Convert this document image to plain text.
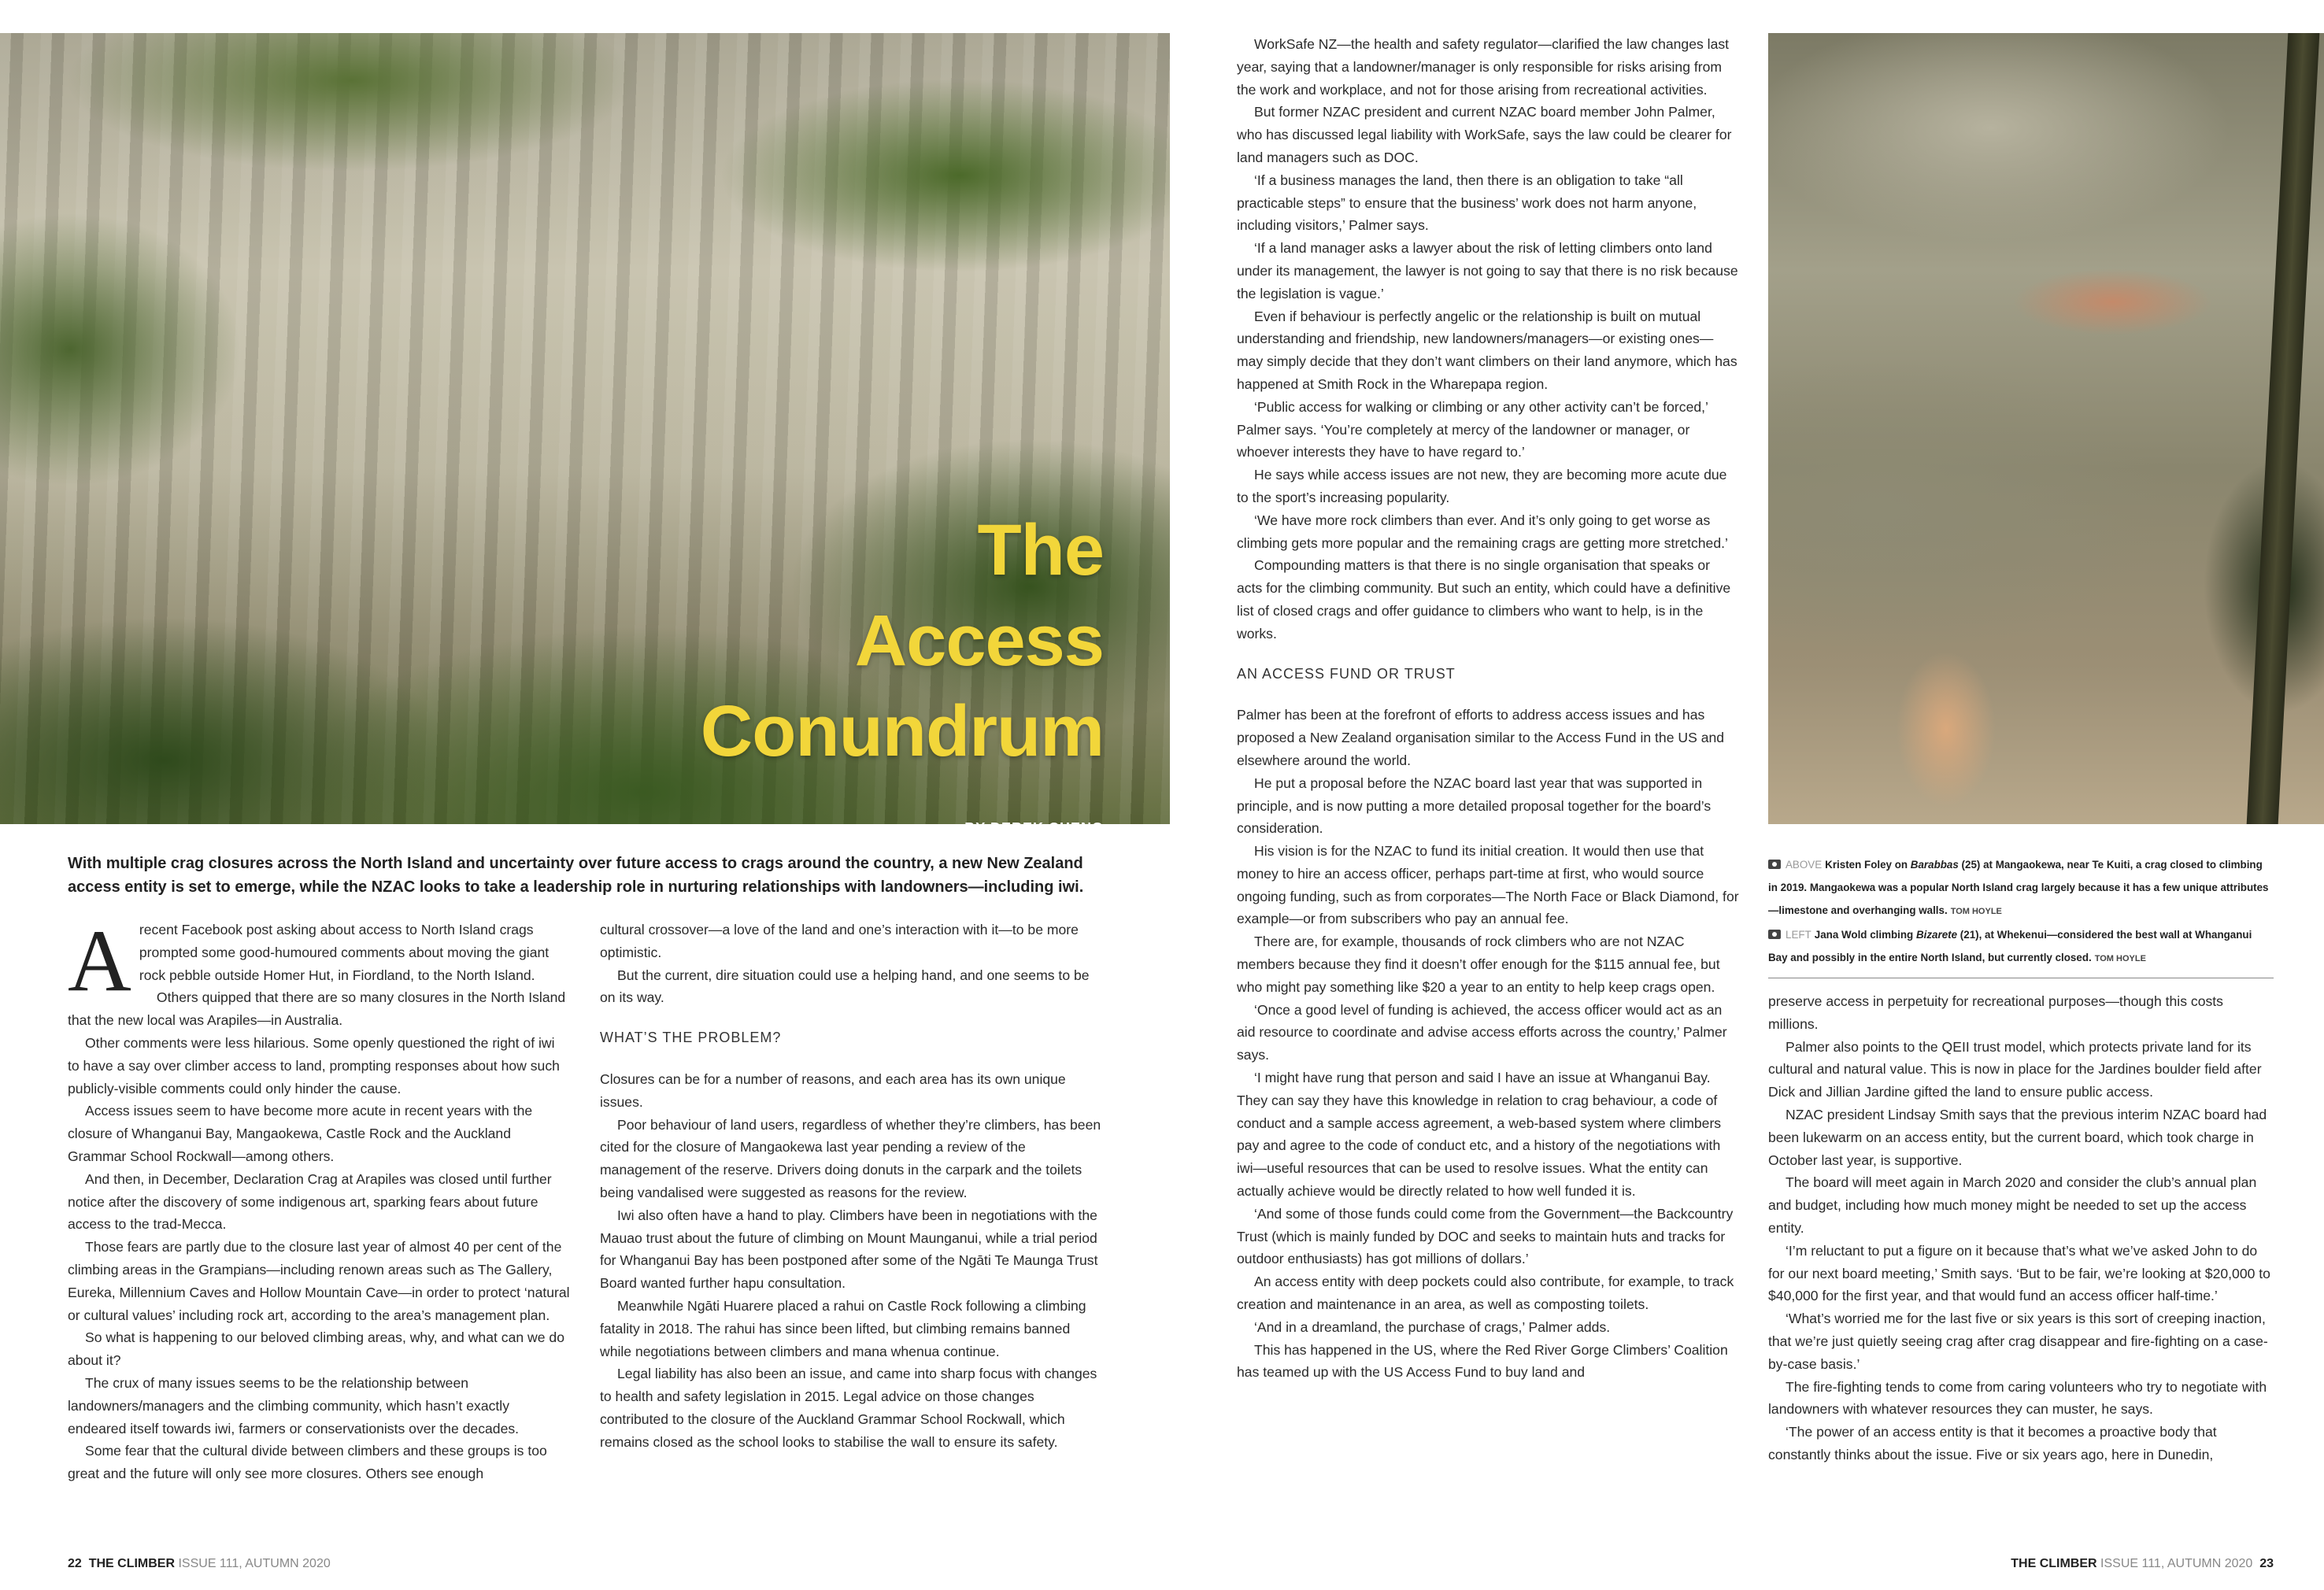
The
Access
Conundrum
BY DEREK CHENG
With multiple crag closures across the North Island and uncertainty over future access to crags around the country, a new New Zealand access entity is set to emerge, while the NZAC looks to take a leadership role in nurturing relationships with landowners—including iwi.

Arecent Facebook post asking about access to North Island crags prompted some good-humoured comments about moving the giant rock pebble outside Homer Hut, in Fiordland, to the North Island.

Others quipped that there are so many closures in the North Island that the new local was Arapiles—in Australia.

Other comments were less hilarious. Some openly questioned the right of iwi to have a say over climber access to land, prompting responses about how such publicly-visible comments could only hinder the cause.

Access issues seem to have become more acute in recent years with the closure of Whanganui Bay, Mangaokewa, Castle Rock and the Auckland Grammar School Rockwall—among others.

And then, in December, Declaration Crag at Arapiles was closed until further notice after the discovery of some indigenous art, sparking fears about future access to the trad-Mecca.

Those fears are partly due to the closure last year of almost 40 per cent of the climbing areas in the Grampians—including renown areas such as The Gallery, Eureka, Millennium Caves and Hollow Mountain Cave—in order to protect ‘natural or cultural values’ including rock art, according to the area’s management plan.

So what is happening to our beloved climbing areas, why, and what can we do about it?

The crux of many issues seems to be the relationship between landowners/managers and the climbing community, which hasn’t exactly endeared itself towards iwi, farmers or conservationists over the decades.

Some fear that the cultural divide between climbers and these groups is too great and the future will only see more closures. Others see enough

cultural crossover—a love of the land and one’s interaction with it—to be more optimistic.

But the current, dire situation could use a helping hand, and one seems to be on its way.

WHAT’S THE PROBLEM?

Closures can be for a number of reasons, and each area has its own unique issues.

Poor behaviour of land users, regardless of whether they’re climbers, has been cited for the closure of Mangaokewa last year pending a review of the management of the reserve. Drivers doing donuts in the carpark and the toilets being vandalised were suggested as reasons for the review.

Iwi also often have a hand to play. Climbers have been in negotiations with the Mauao trust about the future of climbing on Mount Maunganui, while a trial period for Whanganui Bay has been postponed after some of the Ngāti Te Maunga Trust Board wanted further hapu consultation.

Meanwhile Ngāti Huarere placed a rahui on Castle Rock following a climbing fatality in 2018. The rahui has since been lifted, but climbing remains banned while negotiations between climbers and mana whenua continue.

Legal liability has also been an issue, and came into sharp focus with changes to health and safety legislation in 2015. Legal advice on those changes contributed to the closure of the Auckland Grammar School Rockwall, which remains closed as the school looks to stabilise the wall to ensure its safety.

WorkSafe NZ—the health and safety regulator—clarified the law changes last year, saying that a landowner/manager is only responsible for risks arising from the work and workplace, and not for those arising from recreational activities.

But former NZAC president and current NZAC board member John Palmer, who has discussed legal liability with WorkSafe, says the law could be clearer for land managers such as DOC.

‘If a business manages the land, then there is an obligation to take “all practicable steps” to ensure that the business’ work does not harm anyone, including visitors,’ Palmer says.

‘If a land manager asks a lawyer about the risk of letting climbers onto land under its management, the lawyer is not going to say that there is no risk because the legislation is vague.’

Even if behaviour is perfectly angelic or the relationship is built on mutual understanding and friendship, new landowners/managers—or existing ones—may simply decide that they don’t want climbers on their land anymore, which has happened at Smith Rock in the Wharepapa region.

‘Public access for walking or climbing or any other activity can’t be forced,’ Palmer says. ‘You’re completely at mercy of the landowner or manager, or whoever interests they have to have regard to.’

He says while access issues are not new, they are becoming more acute due to the sport’s increasing popularity.

‘We have more rock climbers than ever. And it’s only going to get worse as climbing gets more popular and the remaining crags are getting more stretched.’

Compounding matters is that there is no single organisation that speaks or acts for the climbing community. But such an entity, which could have a definitive list of closed crags and offer guidance to climbers who want to help, is in the works.

AN ACCESS FUND OR TRUST

Palmer has been at the forefront of efforts to address access issues and has proposed a New Zealand organisation similar to the Access Fund in the US and elsewhere around the world.

He put a proposal before the NZAC board last year that was supported in principle, and is now putting a more detailed proposal together for the board’s consideration.

His vision is for the NZAC to fund its initial creation. It would then use that money to hire an access officer, perhaps part-time at first, who would source ongoing funding, such as from corporates—The North Face or Black Diamond, for example—or from subscribers who pay an annual fee.

There are, for example, thousands of rock climbers who are not NZAC members because they find it doesn’t offer enough for the $115 annual fee, but who might pay something like $20 a year to an entity to help keep crags open.

‘Once a good level of funding is achieved, the access officer would act as an aid resource to coordinate and advise access efforts across the country,’ Palmer says.

‘I might have rung that person and said I have an issue at Whanganui Bay. They can say they have this knowledge in relation to crag behaviour, a code of conduct and a sample access agreement, a web-based system where climbers pay and agree to the code of conduct etc, and a history of the negotiations with iwi—useful resources that can be used to resolve issues. What the entity can actually achieve would be directly related to how well funded it is.

‘And some of those funds could come from the Government—the Backcountry Trust (which is mainly funded by DOC and seeks to maintain huts and tracks for outdoor enthusiasts) has got millions of dollars.’

An access entity with deep pockets could also contribute, for example, to track creation and maintenance in an area, as well as composting toilets.

‘And in a dreamland, the purchase of crags,’ Palmer adds.

This has happened in the US, where the Red River Gorge Climbers’ Coalition has teamed up with the US Access Fund to buy land and

ABOVE Kristen Foley on Barabbas (25) at Mangaokewa, near Te Kuiti, a crag closed to climbing in 2019. Mangaokewa was a popular North Island crag largely because it has a few unique attributes—limestone and overhanging walls. TOM HOYLE
LEFT Jana Wold climbing Bizarete (21), at Whekenui—considered the best wall at Whanganui Bay and possibly in the entire North Island, but currently closed. TOM HOYLE

preserve access in perpetuity for recreational purposes—though this costs millions.

Palmer also points to the QEII trust model, which protects private land for its cultural and natural value. This is now in place for the Jardines boulder field after Dick and Jillian Jardine gifted the land to ensure public access.

NZAC president Lindsay Smith says that the previous interim NZAC board had been lukewarm on an access entity, but the current board, which took charge in October last year, is supportive.

The board will meet again in March 2020 and consider the club’s annual plan and budget, including how much money might be needed to set up the access entity.

‘I’m reluctant to put a figure on it because that’s what we’ve asked John to do for our next board meeting,’ Smith says. ‘But to be fair, we’re looking at $20,000 to $40,000 for the first year, and that would fund an access officer half-time.’

‘What’s worried me for the last five or six years is this sort of creeping inaction, that we’re just quietly seeing crag after crag disappear and fire-fighting on a case-by-case basis.’

The fire-fighting tends to come from caring volunteers who try to negotiate with landowners with whatever resources they can muster, he says.

‘The power of an access entity is that it becomes a proactive body that constantly thinks about the issue. Five or six years ago, here in Dunedin,

22 THE CLIMBER ISSUE 111, AUTUMN 2020	THE CLIMBER ISSUE 111, AUTUMN 2020 23
